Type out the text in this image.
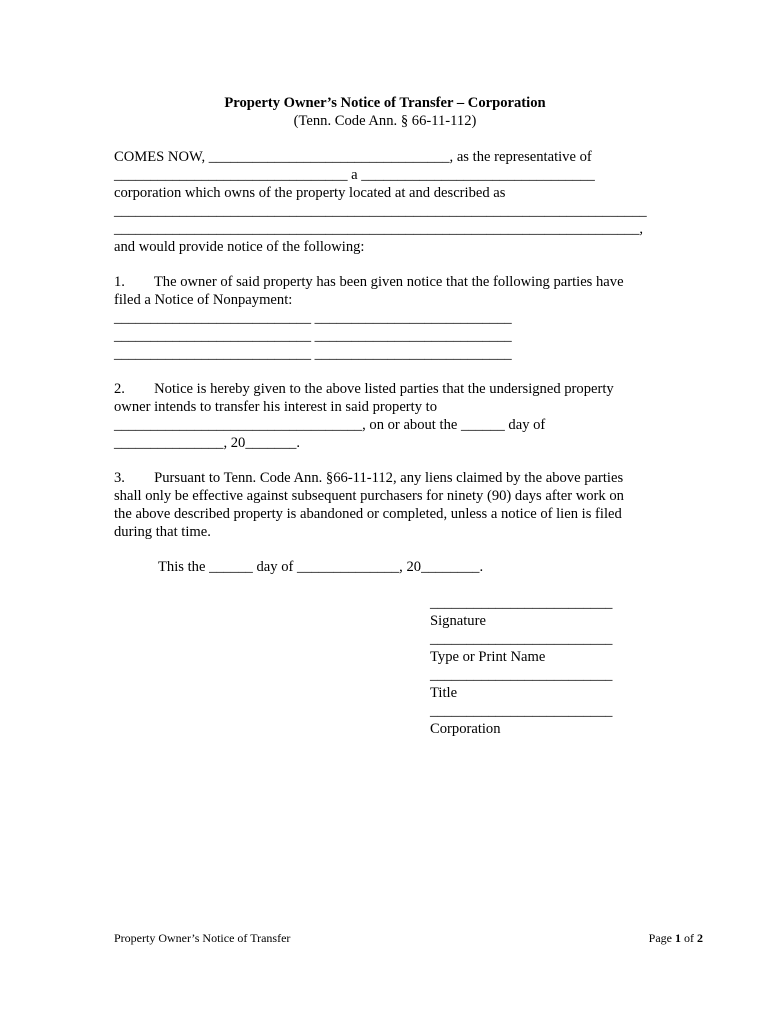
Property Owner’s Notice of Transfer – Corporation
(Tenn. Code Ann. § 66-11-112)
COMES NOW, _________________________________, as the representative of
________________________________ a ________________________________
corporation which owns of the property located at and described as
_________________________________________________________________________
________________________________________________________________________,
and would provide notice of the following:
1.        The owner of said property has been given notice that the following parties have
filed a Notice of Nonpayment:
___________________________ ___________________________
___________________________ ___________________________
___________________________ ___________________________
2.        Notice is hereby given to the above listed parties that the undersigned property
owner intends to transfer his interest in said property to
__________________________________, on or about the ______ day of
_______________, 20_______.
3.        Pursuant to Tenn. Code Ann. §66-11-112, any liens claimed by the above parties
shall only be effective against subsequent purchasers for ninety (90) days after work on
the above described property is abandoned or completed, unless a notice of lien is filed
during that time.
This the ______ day of ______________, 20________.
_________________________
Signature
_________________________
Type or Print Name
_________________________
Title
_________________________
Corporation
Property Owner’s Notice of Transfer	Page 1 of 2
